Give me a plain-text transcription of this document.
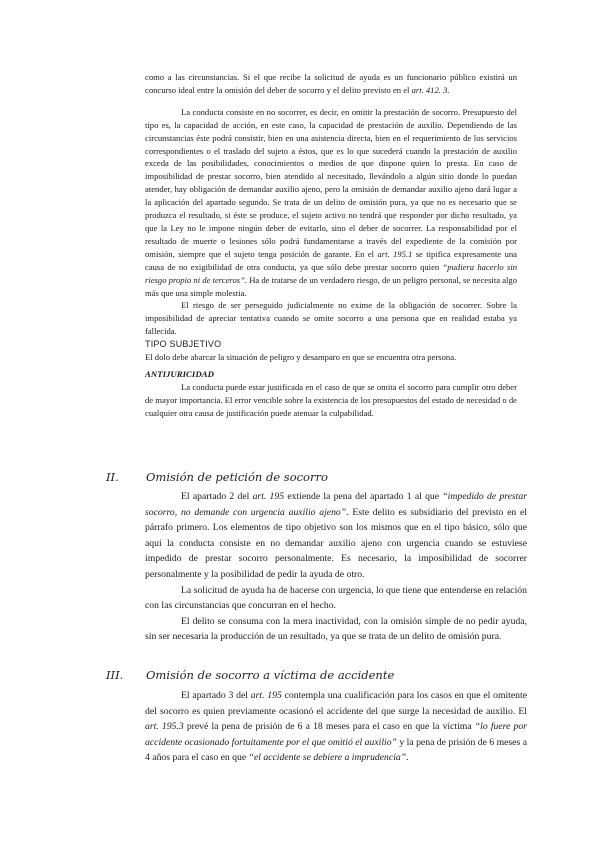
como a las circunstancias. Si el que recibe la solicitud de ayuda es un funcionario público existirá un concurso ideal entre la omisión del deber de socorro y el delito previsto en el art. 412. 3.

La conducta consiste en no socorrer, es decir, en omitir la prestación de socorro. Presupuesto del tipo es, la capacidad de acción, en este caso, la capacidad de prestación de auxilio. Dependiendo de las circunstancias éste podrá consistir, bien en una asistencia directa, bien en el requerimiento de los servicios correspondientes o el traslado del sujeto a éstos, que es lo que sucederá cuando la prestación de auxilio exceda de las posibilidades, conocimientos o medios de que dispone quien lo presta. En caso de imposibilidad de prestar socorro, bien atendido al necesitado, llevándolo a algún sitio donde lo puedan atender, hay obligación de demandar auxilio ajeno, pero la omisión de demandar auxilio ajeno dará lugar a la aplicación del apartado segundo. Se trata de un delito de omisión pura, ya que no es necesario que se produzca el resultado, si éste se produce, el sujeto activo no tendrá que responder por dicho resultado, ya que la Ley no le impone ningún deber de evitarlo, sino el deber de socorrer. La responsabilidad por el resultado de muerte o lesiones sólo podrá fundamentarse a través del expediente de la comisión por omisión, siempre que el sujeto tenga posición de garante. En el art. 195.1 se tipifica expresamente una causa de no exigibilidad de otra conducta, ya que sólo debe prestar socorro quien “pudiera hacerlo sin riesgo propio ni de terceros”. Ha de tratarse de un verdadero riesgo, de un peligro personal, se necesita algo más que una simple molestia.

El riesgo de ser perseguido judicialmente no exime de la obligación de socorrer. Sobre la imposibilidad de apreciar tentativa cuando se omite socorro a una persona que en realidad estaba ya fallecida.

TIPO SUBJETIVO

El dolo debe abarcar la situación de peligro y desamparo en que se encuentra otra persona.

ANTIJURICIDAD

La conducta puede estar justificada en el caso de que se omita el socorro para cumplir otro deber de mayor importancia. El error vencible sobre la existencia de los presupuestos del estado de necesidad o de cualquier otra causa de justificación puede atenuar la culpabilidad.

II. Omisión de petición de socorro

El apartado 2 del art. 195 extiende la pena del apartado 1 al que “impedido de prestar socorro, no demande con urgencia auxilio ajeno”. Este delito es subsidiario del previsto en el párrafo primero. Los elementos de tipo objetivo son los mismos que en el tipo básico, sólo que aquí la conducta consiste en no demandar auxilio ajeno con urgencia cuando se estuviese impedido de prestar socorro personalmente. Es necesario, la imposibilidad de socorrer personalmente y la posibilidad de pedir la ayuda de otro.

La solicitud de ayuda ha de hacerse con urgencia, lo que tiene que entenderse en relación con las circunstancias que concurran en el hecho.

El delito se consuma con la mera inactividad, con la omisión simple de no pedir ayuda, sin ser necesaria la producción de un resultado, ya que se trata de un delito de omisión pura.

III. Omisión de socorro a víctima de accidente

El apartado 3 del art. 195 contempla una cualificación para los casos en que el omitente del socorro es quien previamente ocasionó el accidente del que surge la necesidad de auxilio. El art. 195.3 prevé la pena de prisión de 6 a 18 meses para el caso en que la víctima “lo fuere por accidente ocasionado fortuitamente por el que omitió el auxilio” y la pena de prisión de 6 meses a 4 años para el caso en que “el accidente se debiere a imprudencia”.
